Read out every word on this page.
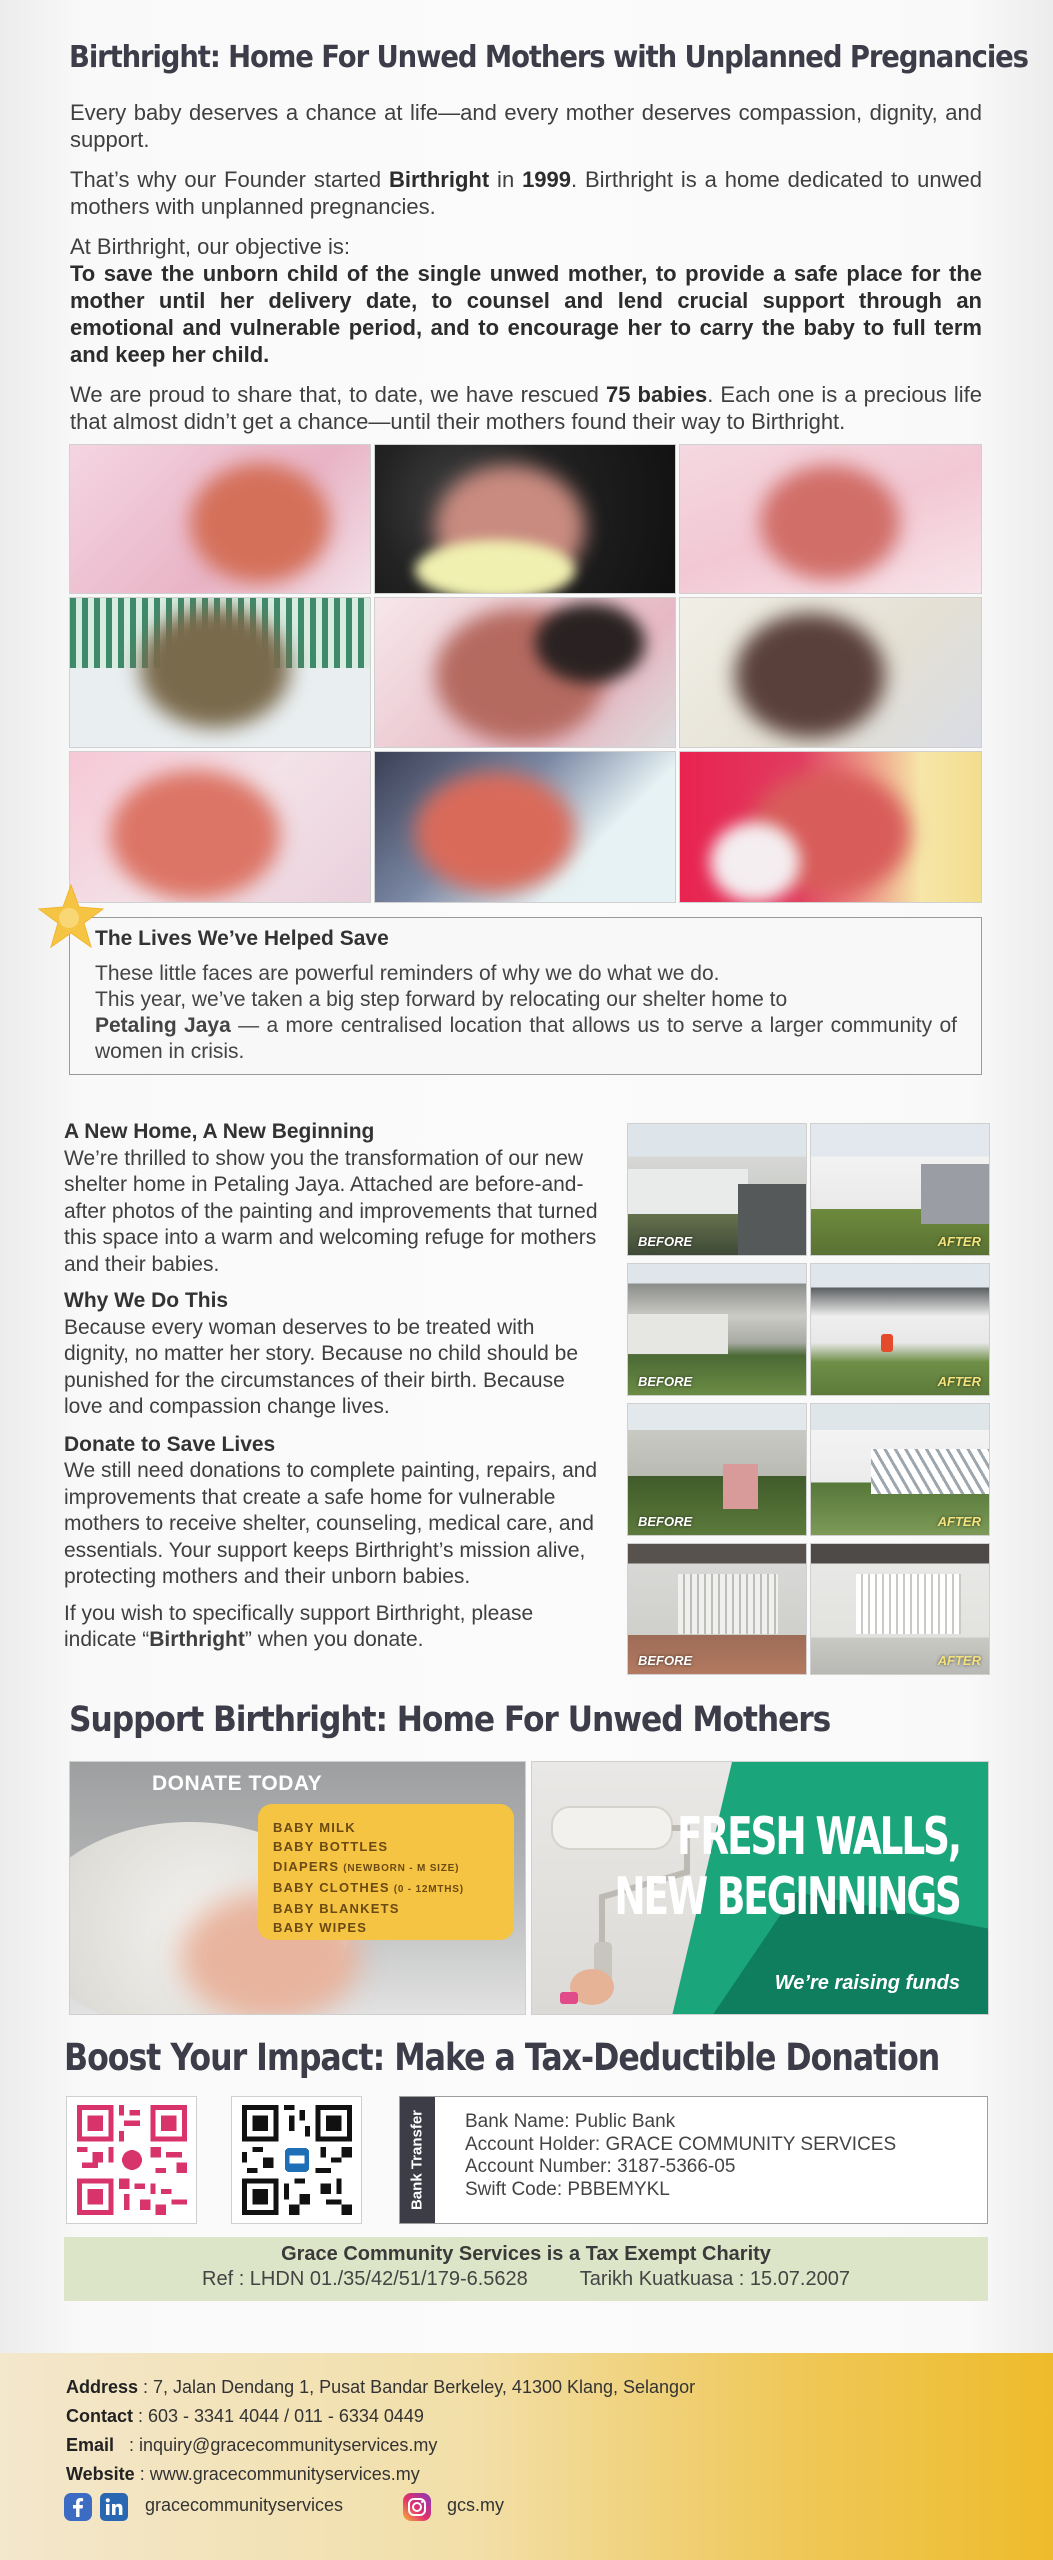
Birthright: Home For Unwed Mothers with Unplanned Pregnancies

Every baby deserves a chance at life—and every mother deserves compassion, dignity, and support.

That’s why our Founder started Birthright in 1999. Birthright is a home dedicated to unwed mothers with unplanned pregnancies.

At Birthright, our objective is:
To save the unborn child of the single unwed mother, to provide a safe place for the mother until her delivery date, to counsel and lend crucial support through an emotional and vulnerable period, and to encourage her to carry the baby to full term and keep her child.

We are proud to share that, to date, we have rescued 75 babies. Each one is a precious life that almost didn’t get a chance—until their mothers found their way to Birthright.

The Lives We’ve Helped Save
These little faces are powerful reminders of why we do what we do.
This year, we’ve taken a big step forward by relocating our shelter home to
Petaling Jaya — a more centralised location that allows us to serve a larger community of women in crisis.
A New Home, A New Beginning
We’re thrilled to show you the transformation of our new shelter home in Petaling Jaya. Attached are before-and-after photos of the painting and improvements that turned this space into a warm and welcoming refuge for mothers and their babies.
Why We Do This
Because every woman deserves to be treated with dignity, no matter her story. Because no child should be punished for the circumstances of their birth. Because love and compassion change lives.
Donate to Save Lives
We still need donations to complete painting, repairs, and improvements that create a safe home for vulnerable mothers to receive shelter, counseling, medical care, and essentials. Your support keeps Birthright’s mission alive, protecting mothers and their unborn babies.
If you wish to specifically support Birthright, please indicate “Birthright” when you donate.
BEFORE	AFTER
BEFORE	AFTER
BEFORE	AFTER
BEFORE	AFTER
Support Birthright: Home For Unwed Mothers
DONATE TODAY
BABY MILK
BABY BOTTLES
DIAPERS (NEWBORN - M SIZE)
BABY CLOTHES (0 - 12MTHS)
BABY BLANKETS
BABY WIPES
FRESH WALLS,
NEW BEGINNINGS
We’re raising funds
Boost Your Impact: Make a Tax-Deductible Donation
Bank Transfer Bank Name: Public Bank
Account Holder: GRACE COMMUNITY SERVICES
Account Number: 3187-5366-05
Swift Code: PBBEMYKL
Grace Community Services is a Tax Exempt Charity
Ref : LHDN 01./35/42/51/179-6.5628	Tarikh Kuatkuasa : 15.07.2007
Address : 7, Jalan Dendang 1, Pusat Bandar Berkeley, 41300 Klang, Selangor
Contact : 603 - 3341 4044 / 011 - 6334 0449
Email   : inquiry@gracecommunityservices.my
Website : www.gracecommunityservices.my
gracecommunityservices	gcs.my
